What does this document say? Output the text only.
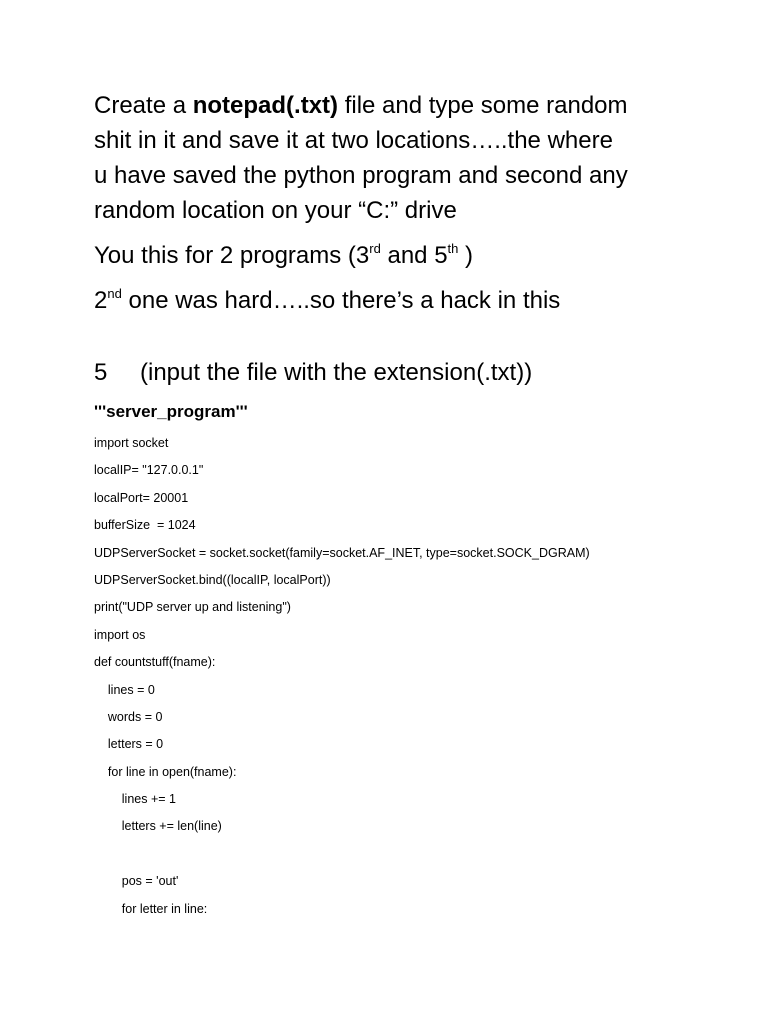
Create a notepad(.txt) file and type some random
shit in it and save it at two locations…..the where
u have saved the python program and second any
random location on your “C:” drive

You this for 2 programs (3rd and 5th )

2nd one was hard…..so there’s a hack in this

5 (input the file with the extension(.txt))

'''server_program'''

import socket
localIP= "127.0.0.1"
localPort= 20001
bufferSize  = 1024
UDPServerSocket = socket.socket(family=socket.AF_INET, type=socket.SOCK_DGRAM)
UDPServerSocket.bind((localIP, localPort))
print("UDP server up and listening")
import os
def countstuff(fname):
lines = 0
words = 0
letters = 0
for line in open(fname):
lines += 1
letters += len(line)
pos = 'out'
for letter in line:
